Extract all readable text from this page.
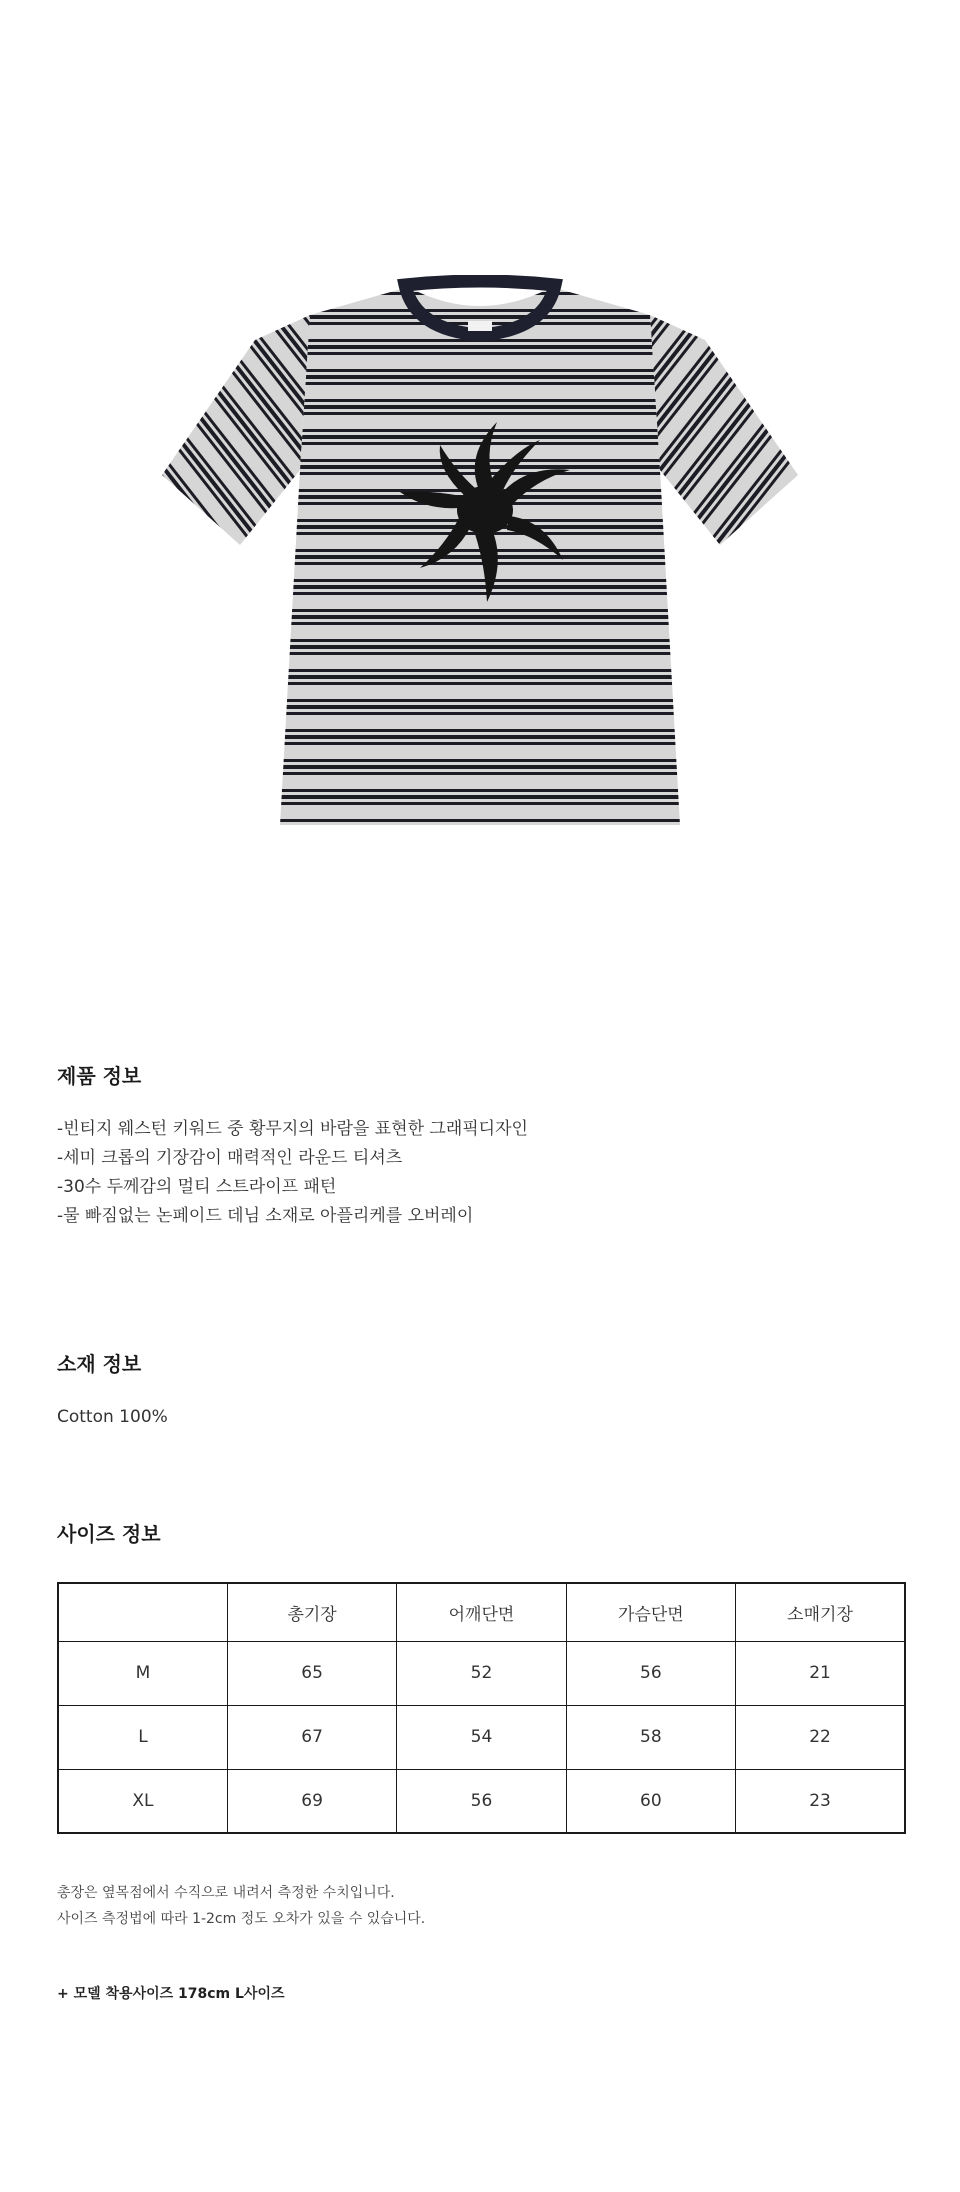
제품 정보
-빈티지 웨스턴 키워드 중 황무지의 바람을 표현한 그래픽디자인
-세미 크롭의 기장감이 매력적인 라운드 티셔츠
-30수 두께감의 멀티 스트라이프 패턴
-물 빠짐없는 논페이드 데님 소재로 아플리케를 오버레이
소재 정보
Cotton 100%
사이즈 정보
	총기장	어깨단면	가슴단면	소매기장
M	65	52	56	21
L	67	54	58	22
XL	69	56	60	23
총장은 옆목점에서 수직으로 내려서 측정한 수치입니다.
사이즈 측정법에 따라 1-2cm 정도 오차가 있을 수 있습니다.
+ 모델 착용사이즈 178cm L사이즈
